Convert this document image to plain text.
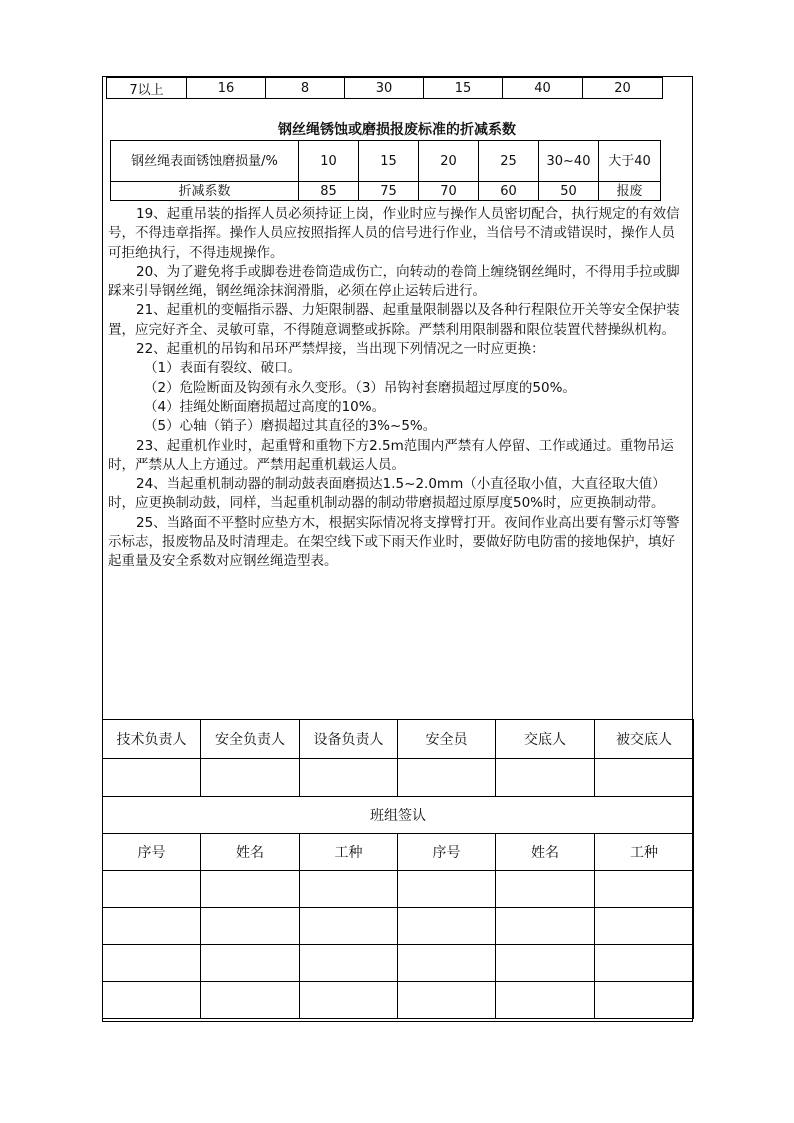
7以上	16	8	30	15	40	20
钢丝绳锈蚀或磨损报废标准的折减系数
钢丝绳表面锈蚀磨损量/%	10	15	20	25	30~40	大于40
折减系数	85	75	70	60	50	报废

19、起重吊装的指挥人员必须持证上岗，作业时应与操作人员密切配合，执行规定的有效信号，不得违章指挥。操作人员应按照指挥人员的信号进行作业，当信号不清或错误时，操作人员可拒绝执行，不得违规操作。

20、为了避免将手或脚卷进卷筒造成伤亡，向转动的卷筒上缠绕钢丝绳时，不得用手拉或脚踩来引导钢丝绳，钢丝绳涂抹润滑脂，必须在停止运转后进行。

21、起重机的变幅指示器、力矩限制器、起重量限制器以及各种行程限位开关等安全保护装置，应完好齐全、灵敏可靠，不得随意调整或拆除。严禁利用限制器和限位装置代替操纵机构。

22、起重机的吊钩和吊环严禁焊接，当出现下列情况之一时应更换：

（1）表面有裂纹、破口。

（2）危险断面及钩颈有永久变形。（3）吊钩衬套磨损超过厚度的50%。

（4）挂绳处断面磨损超过高度的10%。

（5）心轴（销子）磨损超过其直径的3%~5%。

23、起重机作业时，起重臂和重物下方2.5m范围内严禁有人停留、工作或通过。重物吊运时，严禁从人上方通过。严禁用起重机载运人员。

24、当起重机制动器的制动鼓表面磨损达1.5~2.0mm（小直径取小值，大直径取大值）时，应更换制动鼓，同样，当起重机制动器的制动带磨损超过原厚度50%时，应更换制动带。

25、当路面不平整时应垫方木，根据实际情况将支撑臂打开。夜间作业高出要有警示灯等警示标志，报废物品及时清理走。在架空线下或下雨天作业时，要做好防电防雷的接地保护，填好起重量及安全系数对应钢丝绳造型表。

技术负责人	安全负责人	设备负责人	安全员	交底人	被交底人

班组签认					
序号	姓名	工种	序号	姓名	工种
